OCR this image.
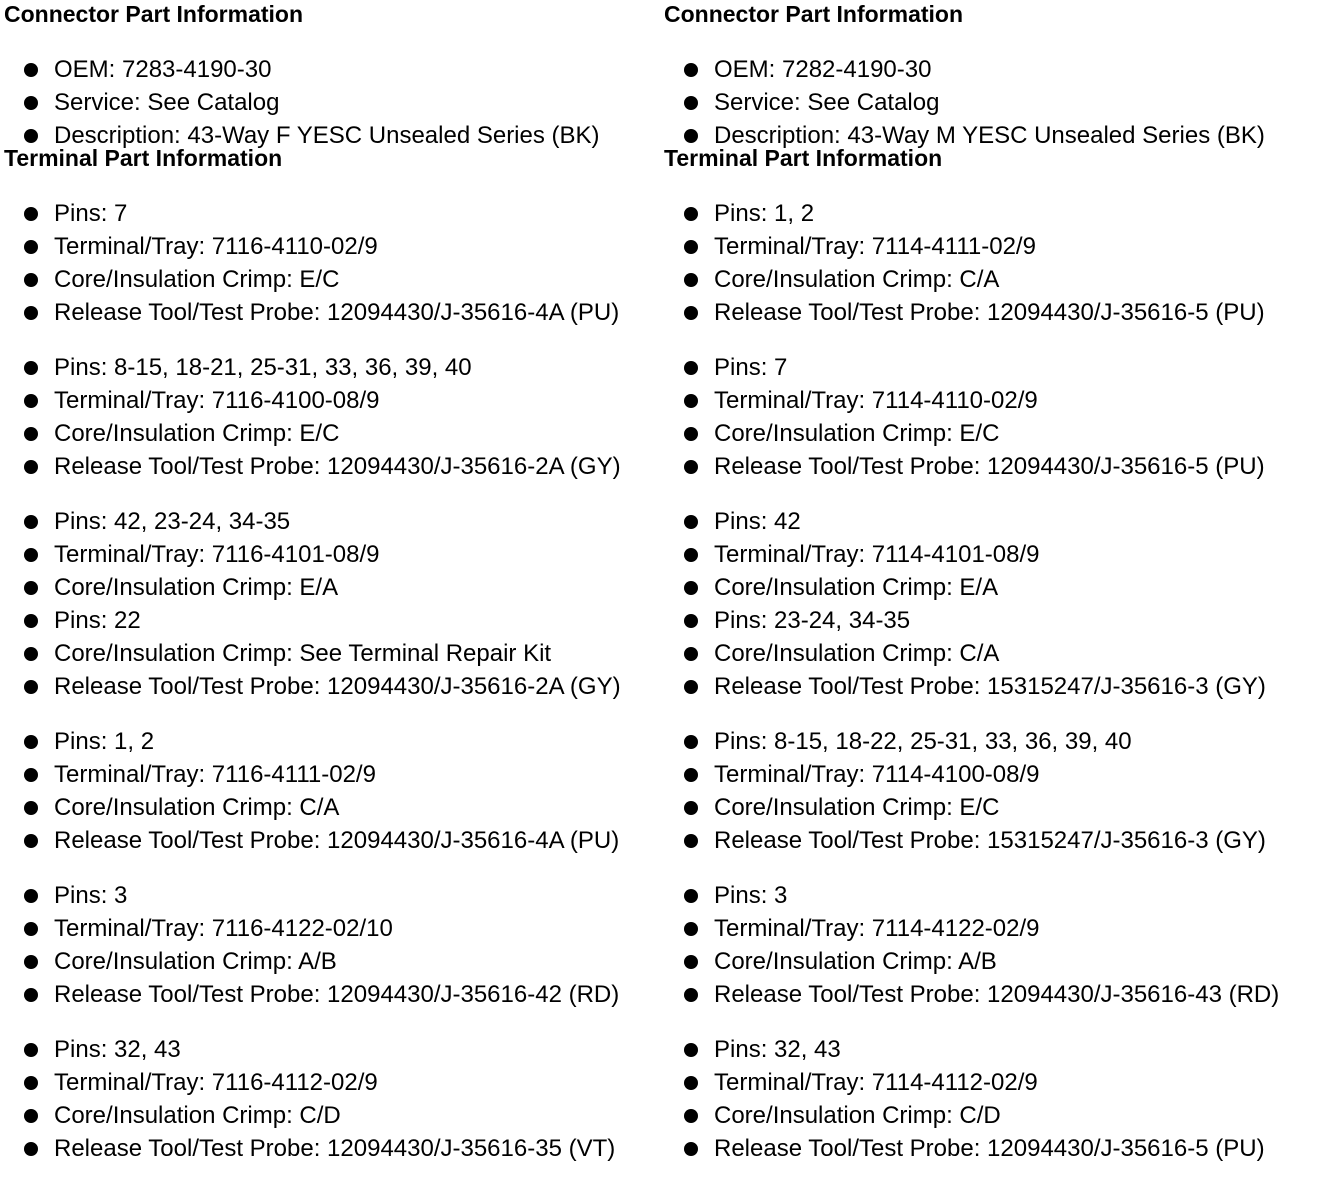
Connector Part Information
OEM: 7283-4190-30
Service: See Catalog
Description: 43-Way F YESC Unsealed Series (BK)
Terminal Part Information
Pins: 7
Terminal/Tray: 7116-4110-02/9
Core/Insulation Crimp: E/C
Release Tool/Test Probe: 12094430/J-35616-4A (PU)
Pins: 8-15, 18-21, 25-31, 33, 36, 39, 40
Terminal/Tray: 7116-4100-08/9
Core/Insulation Crimp: E/C
Release Tool/Test Probe: 12094430/J-35616-2A (GY)
Pins: 42, 23-24, 34-35
Terminal/Tray: 7116-4101-08/9
Core/Insulation Crimp: E/A
Pins: 22
Core/Insulation Crimp: See Terminal Repair Kit
Release Tool/Test Probe: 12094430/J-35616-2A (GY)
Pins: 1, 2
Terminal/Tray: 7116-4111-02/9
Core/Insulation Crimp: C/A
Release Tool/Test Probe: 12094430/J-35616-4A (PU)
Pins: 3
Terminal/Tray: 7116-4122-02/10
Core/Insulation Crimp: A/B
Release Tool/Test Probe: 12094430/J-35616-42 (RD)
Pins: 32, 43
Terminal/Tray: 7116-4112-02/9
Core/Insulation Crimp: C/D
Release Tool/Test Probe: 12094430/J-35616-35 (VT)
Connector Part Information
OEM: 7282-4190-30
Service: See Catalog
Description: 43-Way M YESC Unsealed Series (BK)
Terminal Part Information
Pins: 1, 2
Terminal/Tray: 7114-4111-02/9
Core/Insulation Crimp: C/A
Release Tool/Test Probe: 12094430/J-35616-5 (PU)
Pins: 7
Terminal/Tray: 7114-4110-02/9
Core/Insulation Crimp: E/C
Release Tool/Test Probe: 12094430/J-35616-5 (PU)
Pins: 42
Terminal/Tray: 7114-4101-08/9
Core/Insulation Crimp: E/A
Pins: 23-24, 34-35
Core/Insulation Crimp: C/A
Release Tool/Test Probe: 15315247/J-35616-3 (GY)
Pins: 8-15, 18-22, 25-31, 33, 36, 39, 40
Terminal/Tray: 7114-4100-08/9
Core/Insulation Crimp: E/C
Release Tool/Test Probe: 15315247/J-35616-3 (GY)
Pins: 3
Terminal/Tray: 7114-4122-02/9
Core/Insulation Crimp: A/B
Release Tool/Test Probe: 12094430/J-35616-43 (RD)
Pins: 32, 43
Terminal/Tray: 7114-4112-02/9
Core/Insulation Crimp: C/D
Release Tool/Test Probe: 12094430/J-35616-5 (PU)
